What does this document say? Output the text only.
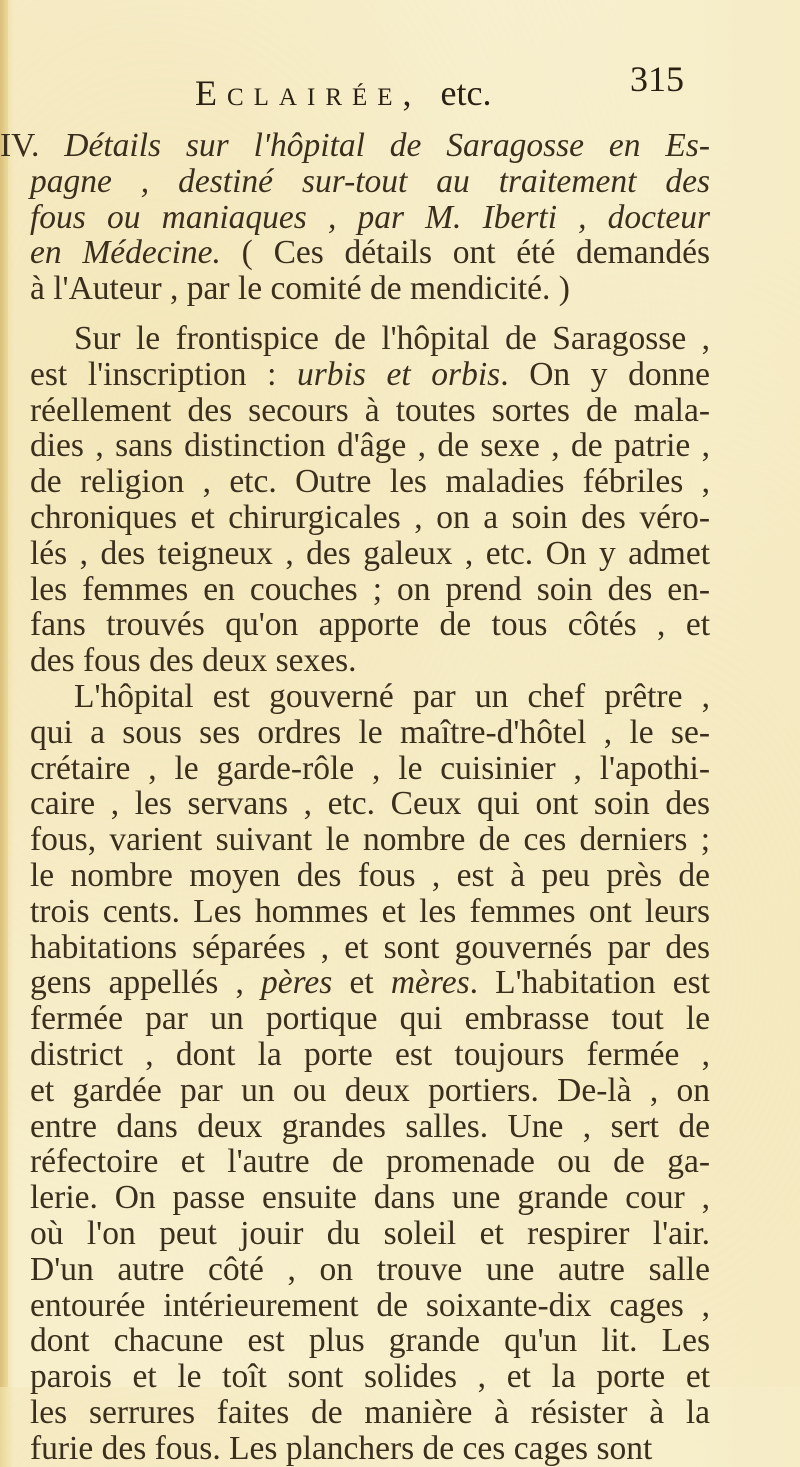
Eclairée, etc.	315
IV. Détails sur l'hôpital de Saragosse en Es-
pagne , destiné sur-tout au traitement des
fous ou maniaques , par M. Iberti , docteur
en Médecine. ( Ces détails ont été demandés
à l'Auteur , par le comité de mendicité. )
Sur le frontispice de l'hôpital de Saragosse ,
est l'inscription : urbis et orbis. On y donne
réellement des secours à toutes sortes de mala-
dies , sans distinction d'âge , de sexe , de patrie ,
de religion , etc. Outre les maladies fébriles ,
chroniques et chirurgicales , on a soin des véro-
lés , des teigneux , des galeux , etc. On y admet
les femmes en couches ; on prend soin des en-
fans trouvés qu'on apporte de tous côtés , et
des fous des deux sexes.
L'hôpital est gouverné par un chef prêtre ,
qui a sous ses ordres le maître-d'hôtel , le se-
crétaire , le garde-rôle , le cuisinier , l'apothi-
caire , les servans , etc. Ceux qui ont soin des
fous, varient suivant le nombre de ces derniers ;
le nombre moyen des fous , est à peu près de
trois cents. Les hommes et les femmes ont leurs
habitations séparées , et sont gouvernés par des
gens appellés , pères et mères. L'habitation est
fermée par un portique qui embrasse tout le
district , dont la porte est toujours fermée ,
et gardée par un ou deux portiers. De-là , on
entre dans deux grandes salles. Une , sert de
réfectoire et l'autre de promenade ou de ga-
lerie. On passe ensuite dans une grande cour ,
où l'on peut jouir du soleil et respirer l'air.
D'un autre côté , on trouve une autre salle
entourée intérieurement de soixante-dix cages ,
dont chacune est plus grande qu'un lit. Les
parois et le toît sont solides , et la porte et
les serrures faites de manière à résister à la
furie des fous. Les planchers de ces cages sont
